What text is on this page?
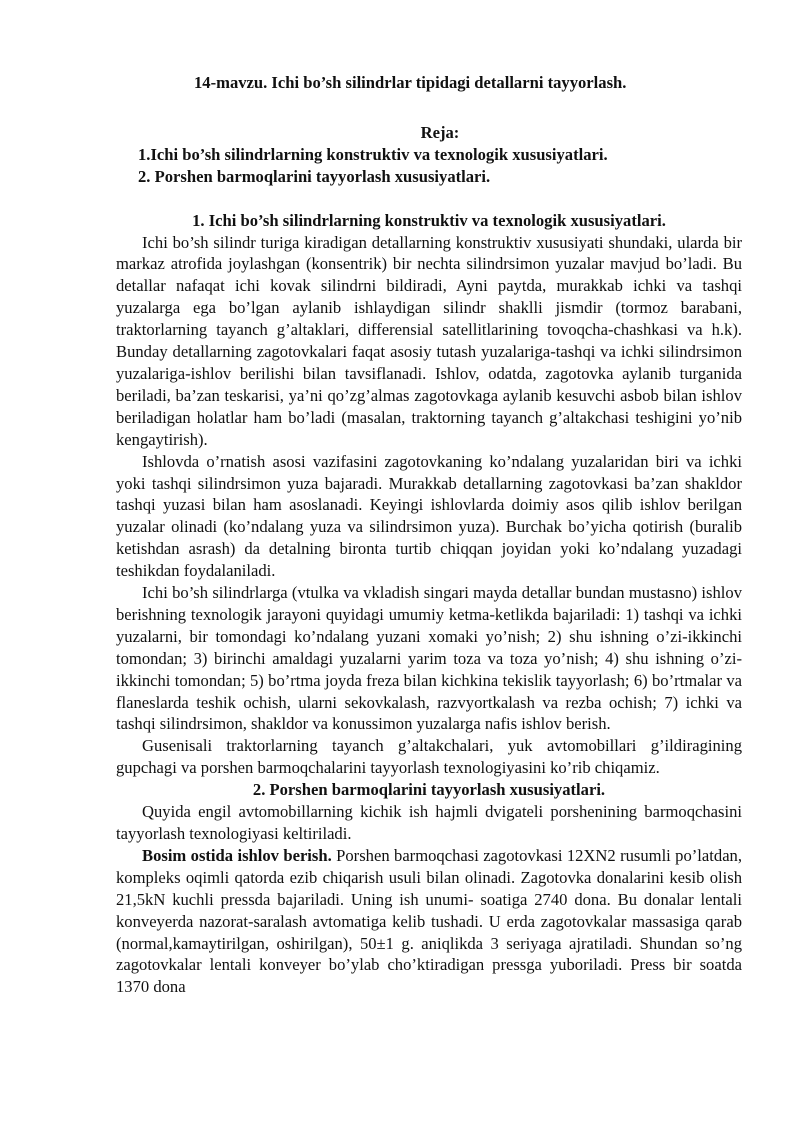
14-mavzu. Ichi bo’sh silindrlar tipidagi detallarni tayyorlash.
Reja:
1.Ichi bo’sh silindrlarning konstruktiv va texnologik xususiyatlari.
2. Porshen barmoqlarini tayyorlash xususiyatlari.
1. Ichi bo’sh silindrlarning konstruktiv va texnologik xususiyatlari.

Ichi bo’sh silindr turiga kiradigan detallarning konstruktiv xususiyati shundaki, ularda bir markaz atrofida joylashgan (konsentrik) bir nechta silindrsimon yuzalar mavjud bo’ladi. Bu detallar nafaqat ichi kovak silindrni bildiradi, Ayni paytda, murakkab ichki va tashqi yuzalarga ega bo’lgan aylanib ishlaydigan silindr shaklli jismdir (tormoz barabani, traktorlarning tayanch g’altaklari, differensial satellitlarining tovoqcha-chashkasi va h.k). Bunday detallarning zagotovkalari faqat asosiy tutash yuzalariga-tashqi va ichki silindrsimon yuzalariga-ishlov berilishi bilan tavsiflanadi. Ishlov, odatda, zagotovka aylanib turganida beriladi, ba’zan teskarisi, ya’ni qo’zg’almas zagotovkaga aylanib kesuvchi asbob bilan ishlov beriladigan holatlar ham bo’ladi (masalan, traktorning tayanch g’altakchasi teshigini yo’nib kengaytirish).

Ishlovda o’rnatish asosi vazifasini zagotovkaning ko’ndalang yuzalaridan biri va ichki yoki tashqi silindrsimon yuza bajaradi. Murakkab detallarning zagotovkasi ba’zan shakldor tashqi yuzasi bilan ham asoslanadi. Keyingi ishlovlarda doimiy asos qilib ishlov berilgan yuzalar olinadi (ko’ndalang yuza va silindrsimon yuza). Burchak bo’yicha qotirish (buralib ketishdan asrash) da detalning bironta turtib chiqqan joyidan yoki ko’ndalang yuzadagi teshikdan foydalaniladi.

Ichi bo’sh silindrlarga (vtulka va vkladish singari mayda detallar bundan mustasno) ishlov berishning texnologik jarayoni quyidagi umumiy ketma-ketlikda bajariladi: 1) tashqi va ichki yuzalarni, bir tomondagi ko’ndalang yuzani xomaki yo’nish; 2) shu ishning o’zi-ikkinchi tomondan; 3) birinchi amaldagi yuzalarni yarim toza va toza yo’nish; 4) shu ishning o’zi-ikkinchi tomondan; 5) bo’rtma joyda freza bilan kichkina tekislik tayyorlash; 6) bo’rtmalar va flaneslarda teshik ochish, ularni sekovkalash, razvyortkalash va rezba ochish; 7) ichki va tashqi silindrsimon, shakldor va konussimon yuzalarga nafis ishlov berish.

Gusenisali traktorlarning tayanch g’altakchalari, yuk avtomobillari g’ildiragining gupchagi va porshen barmoqchalarini tayyorlash texnologiyasini ko’rib chiqamiz.

2. Porshen barmoqlarini tayyorlash xususiyatlari.

Quyida engil avtomobillarning kichik ish hajmli dvigateli porshenining barmoqchasini tayyorlash texnologiyasi keltiriladi.

Bosim ostida ishlov berish. Porshen barmoqchasi zagotovkasi 12XN2 rusumli po’latdan, kompleks oqimli qatorda ezib chiqarish usuli bilan olinadi. Zagotovka donalarini kesib olish 21,5kN kuchli pressda bajariladi. Uning ish unumi- soatiga 2740 dona. Bu donalar lentali konveyerda nazorat-saralash avtomatiga kelib tushadi. U erda zagotovkalar massasiga qarab (normal,kamaytirilgan, oshirilgan), 50±1 g. aniqlikda 3 seriyaga ajratiladi. Shundan so’ng zagotovkalar lentali konveyer bo’ylab cho’ktiradigan pressga yuboriladi. Press bir soatda 1370 dona
